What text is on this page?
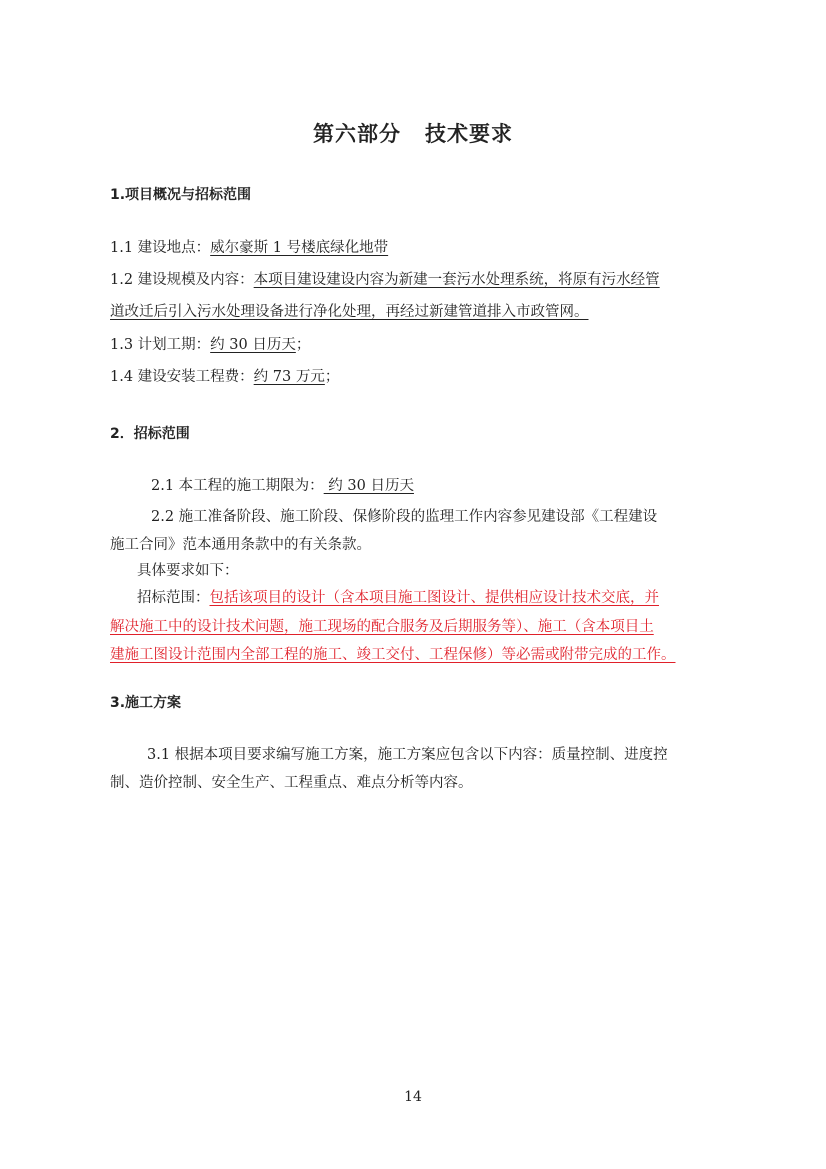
第六部分 技术要求
1.项目概况与招标范围
1.1 建设地点：威尔豪斯 1 号楼底绿化地带
1.2 建设规模及内容：本项目建设建设内容为新建一套污水处理系统，将原有污水经管
道改迁后引入污水处理设备进行净化处理，再经过新建管道排入市政管网。
1.3 计划工期：约 30 日历天；
1.4 建设安装工程费：约 73 万元；
2．招标范围
2.1 本工程的施工期限为： 约 30 日历天
2.2 施工准备阶段、施工阶段、保修阶段的监理工作内容参见建设部《工程建设
施工合同》范本通用条款中的有关条款。
具体要求如下：
招标范围：包括该项目的设计（含本项目施工图设计、提供相应设计技术交底，并
解决施工中的设计技术问题，施工现场的配合服务及后期服务等）、施工（含本项目土
建施工图设计范围内全部工程的施工、竣工交付、工程保修）等必需或附带完成的工作。
3.施工方案
3.1 根据本项目要求编写施工方案，施工方案应包含以下内容：质量控制、进度控
制、造价控制、安全生产、工程重点、难点分析等内容。
14
